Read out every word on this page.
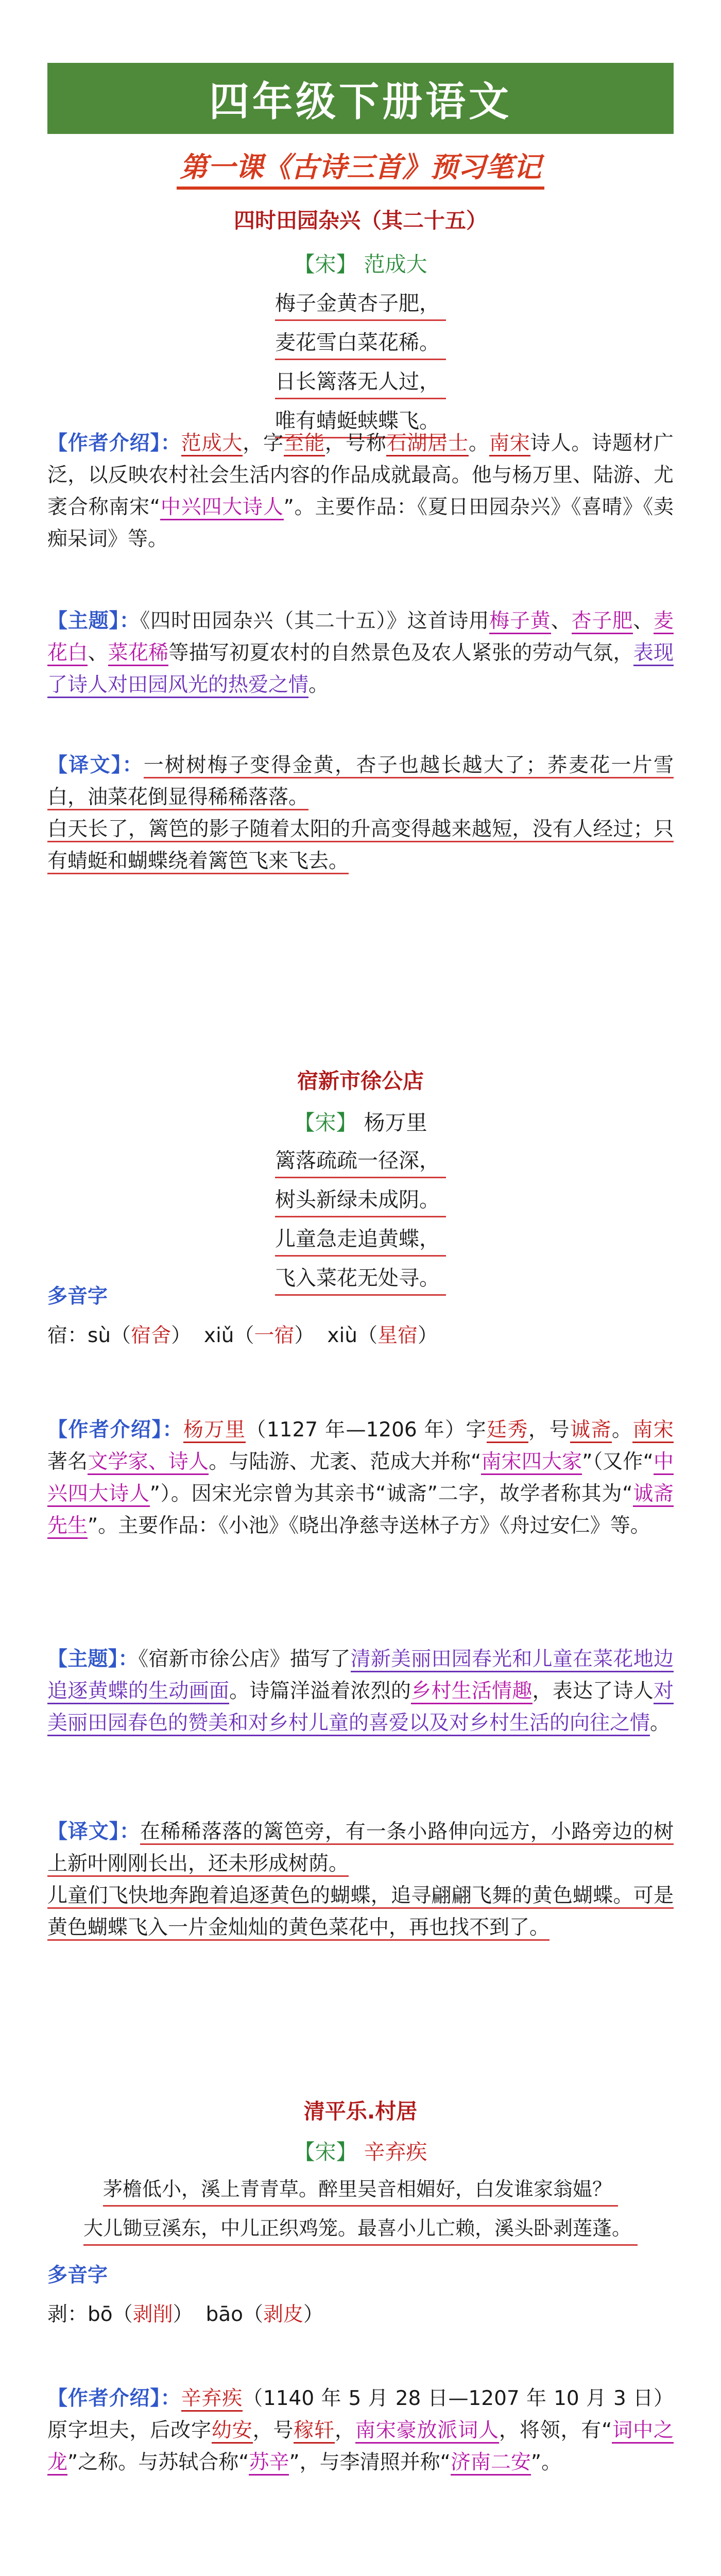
四年级下册语文
第一课《古诗三首》预习笔记

四时田园杂兴（其二十五）

【宋】 范成大

梅子金黄杏子肥，
麦花雪白菜花稀。
日长篱落无人过，
唯有蜻蜓蛱蝶飞。

【作者介绍】：范成大，字至能，号称石湖居士。南宋诗人。诗题材广泛，以反映农村社会生活内容的作品成就最高。他与杨万里、陆游、尤袤合称南宋“中兴四大诗人”。主要作品：《夏日田园杂兴》《喜晴》《卖痴呆词》等。

【主题】：《四时田园杂兴（其二十五）》这首诗用梅子黄、杏子肥、麦花白、菜花稀等描写初夏农村的自然景色及农人紧张的劳动气氛，表现了诗人对田园风光的热爱之情。

【译文】：一树树梅子变得金黄，杏子也越长越大了；荞麦花一片雪白，油菜花倒显得稀稀落落。
白天长了，篱笆的影子随着太阳的升高变得越来越短，没有人经过；只有蜻蜓和蝴蝶绕着篱笆飞来飞去。

宿新市徐公店

【宋】 杨万里

篱落疏疏一径深，
树头新绿未成阴。
儿童急走追黄蝶，
飞入菜花无处寻。

多音字

宿：sù（宿舍） xiǔ（一宿） xiù（星宿）

【作者介绍】：杨万里（1127 年—1206 年）字廷秀，号诚斋。南宋著名文学家、诗人。与陆游、尤袤、范成大并称“南宋四大家”（又作“中兴四大诗人”）。因宋光宗曾为其亲书“诚斋”二字，故学者称其为“诚斋先生”。主要作品：《小池》《晓出净慈寺送林子方》《舟过安仁》等。

【主题】：《宿新市徐公店》描写了清新美丽田园春光和儿童在菜花地边追逐黄蝶的生动画面。诗篇洋溢着浓烈的乡村生活情趣，表达了诗人对美丽田园春色的赞美和对乡村儿童的喜爱以及对乡村生活的向往之情。

【译文】：在稀稀落落的篱笆旁，有一条小路伸向远方，小路旁边的树上新叶刚刚长出，还未形成树荫。
儿童们飞快地奔跑着追逐黄色的蝴蝶，追寻翩翩飞舞的黄色蝴蝶。可是黄色蝴蝶飞入一片金灿灿的黄色菜花中，再也找不到了。

清平乐.村居

【宋】 辛弃疾

茅檐低小，溪上青青草。醉里吴音相媚好，白发谁家翁媪？
大儿锄豆溪东，中儿正织鸡笼。最喜小儿亡赖，溪头卧剥莲蓬。

多音字

剥：bō（剥削） bāo（剥皮）

【作者介绍】：辛弃疾（1140 年 5 月 28 日—1207 年 10 月 3 日）原字坦夫，后改字幼安，号稼轩，南宋豪放派词人，将领，有“词中之龙”之称。与苏轼合称“苏辛”，与李清照并称“济南二安”。
